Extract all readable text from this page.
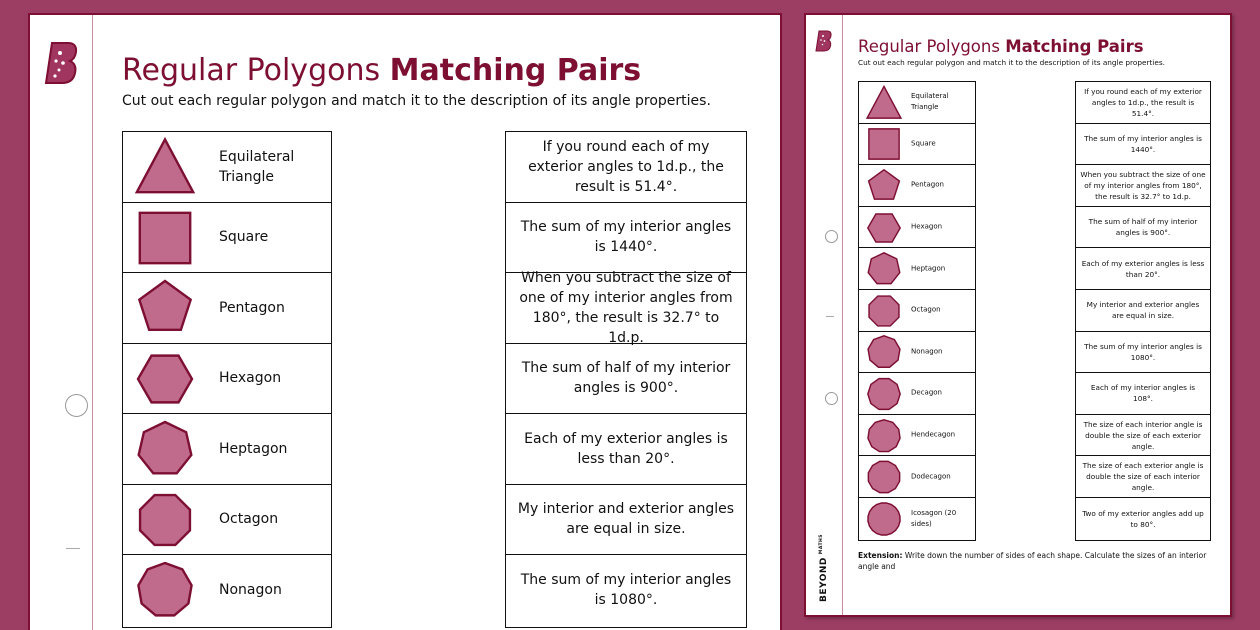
Regular Polygons Matching Pairs
Cut out each regular polygon and match it to the description of its angle properties.
Equilateral Triangle
Square
Pentagon
Hexagon
Heptagon
Octagon
Nonagon
If you round each of my exterior angles to 1d.p., the result is 51.4°.
The sum of my interior angles is 1440°.
When you subtract the size of one of my interior angles from 180°, the result is 32.7° to 1d.p.
The sum of half of my interior angles is 900°.
Each of my exterior angles is less than 20°.
My interior and exterior angles are equal in size.
The sum of my interior angles is 1080°.
Regular Polygons Matching Pairs
Cut out each regular polygon and match it to the description of its angle properties.
Equilateral Triangle
Square
Pentagon
Hexagon
Heptagon
Octagon
Nonagon
Decagon
Hendecagon
Dodecagon
Icosagon (20 sides)
If you round each of my exterior angles to 1d.p., the result is 51.4°.
The sum of my interior angles is 1440°.
When you subtract the size of one of my interior angles from 180°, the result is 32.7° to 1d.p.
The sum of half of my interior angles is 900°.
Each of my exterior angles is less than 20°.
My interior and exterior angles are equal in size.
The sum of my interior angles is 1080°.
Each of my interior angles is 108°.
The size of each interior angle is double the size of each exterior angle.
The size of each exterior angle is double the size of each interior angle.
Two of my exterior angles add up to 80°.
Extension: Write down the number of sides of each shape. Calculate the sizes of an interior angle and
$BEYOND^{MATHS}$
